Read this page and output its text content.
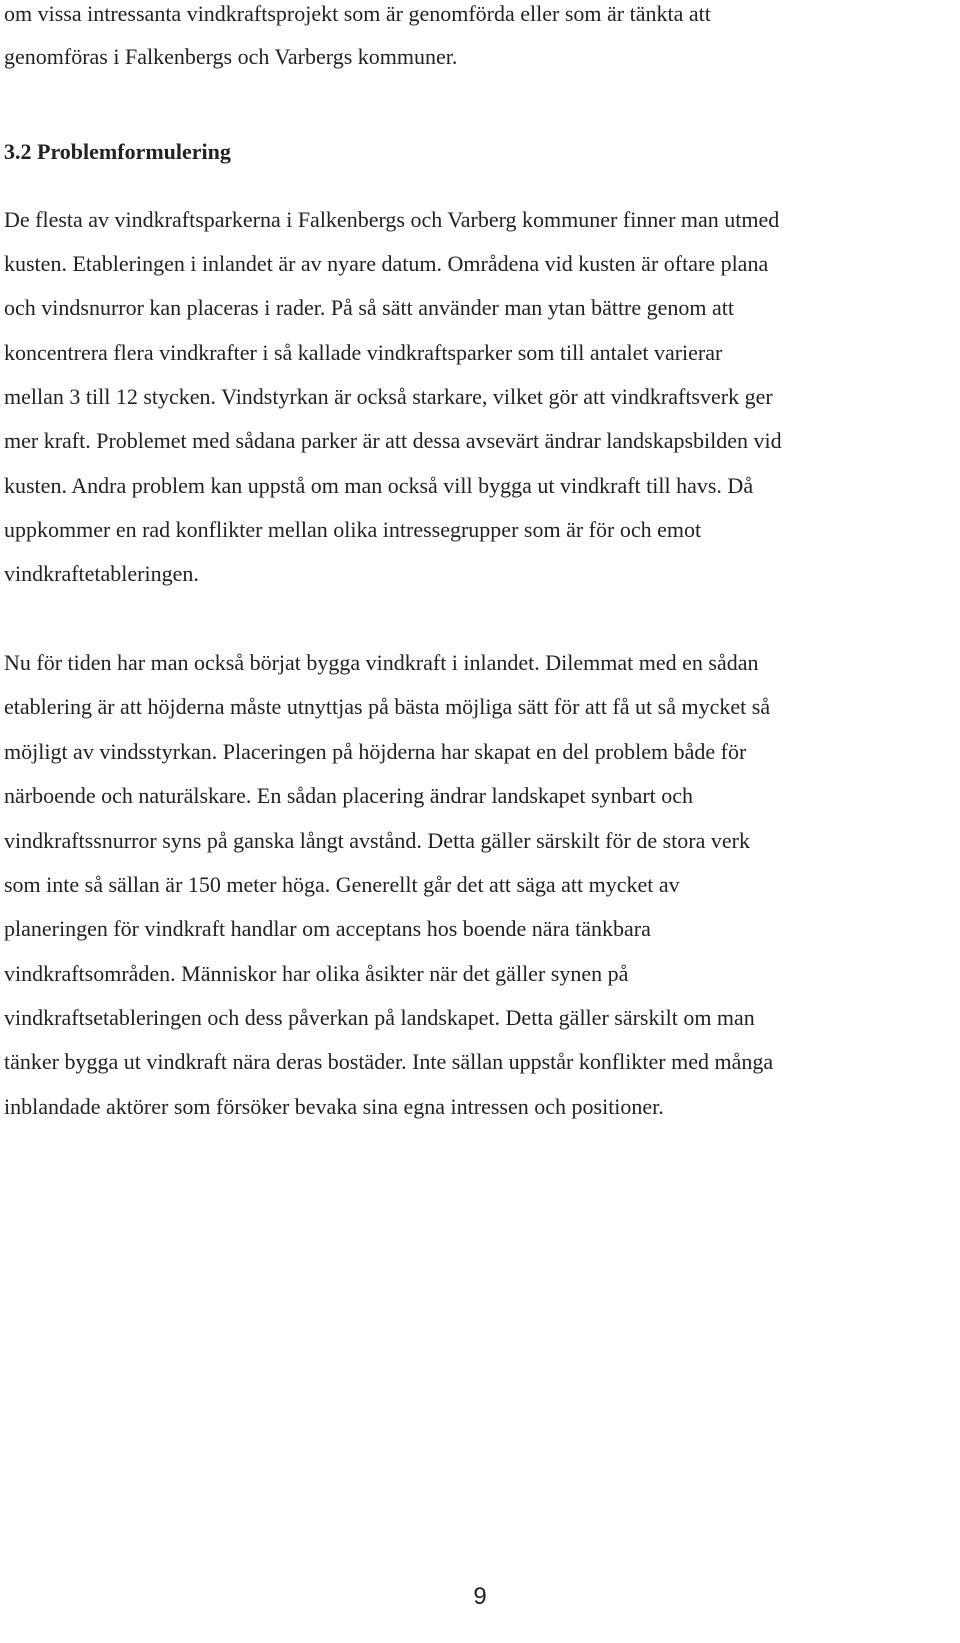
om vissa intressanta vindkraftsprojekt som är genomförda eller som är tänkta att
genomföras i Falkenbergs och Varbergs kommuner.
3.2 Problemformulering
De flesta av vindkraftsparkerna i Falkenbergs och Varberg kommuner finner man utmed
kusten. Etableringen i inlandet är av nyare datum. Områdena vid kusten är oftare plana
och vindsnurror kan placeras i rader. På så sätt använder man ytan bättre genom att
koncentrera flera vindkrafter i så kallade vindkraftsparker som till antalet varierar
mellan 3 till 12 stycken. Vindstyrkan är också starkare, vilket gör att vindkraftsverk ger
mer kraft. Problemet med sådana parker är att dessa avsevärt ändrar landskapsbilden vid
kusten. Andra problem kan uppstå om man också vill bygga ut vindkraft till havs. Då
uppkommer en rad konflikter mellan olika intressegrupper som är för och emot
vindkraftetableringen.
Nu för tiden har man också börjat bygga vindkraft i inlandet. Dilemmat med en sådan
etablering är att höjderna måste utnyttjas på bästa möjliga sätt för att få ut så mycket så
möjligt av vindsstyrkan. Placeringen på höjderna har skapat en del problem både för
närboende och naturälskare. En sådan placering ändrar landskapet synbart och
vindkraftssnurror syns på ganska långt avstånd. Detta gäller särskilt för de stora verk
som inte så sällan är 150 meter höga. Generellt går det att säga att mycket av
planeringen för vindkraft handlar om acceptans hos boende nära tänkbara
vindkraftsområden. Människor har olika åsikter när det gäller synen på
vindkraftsetableringen och dess påverkan på landskapet. Detta gäller särskilt om man
tänker bygga ut vindkraft nära deras bostäder. Inte sällan uppstår konflikter med många
inblandade aktörer som försöker bevaka sina egna intressen och positioner.
9
